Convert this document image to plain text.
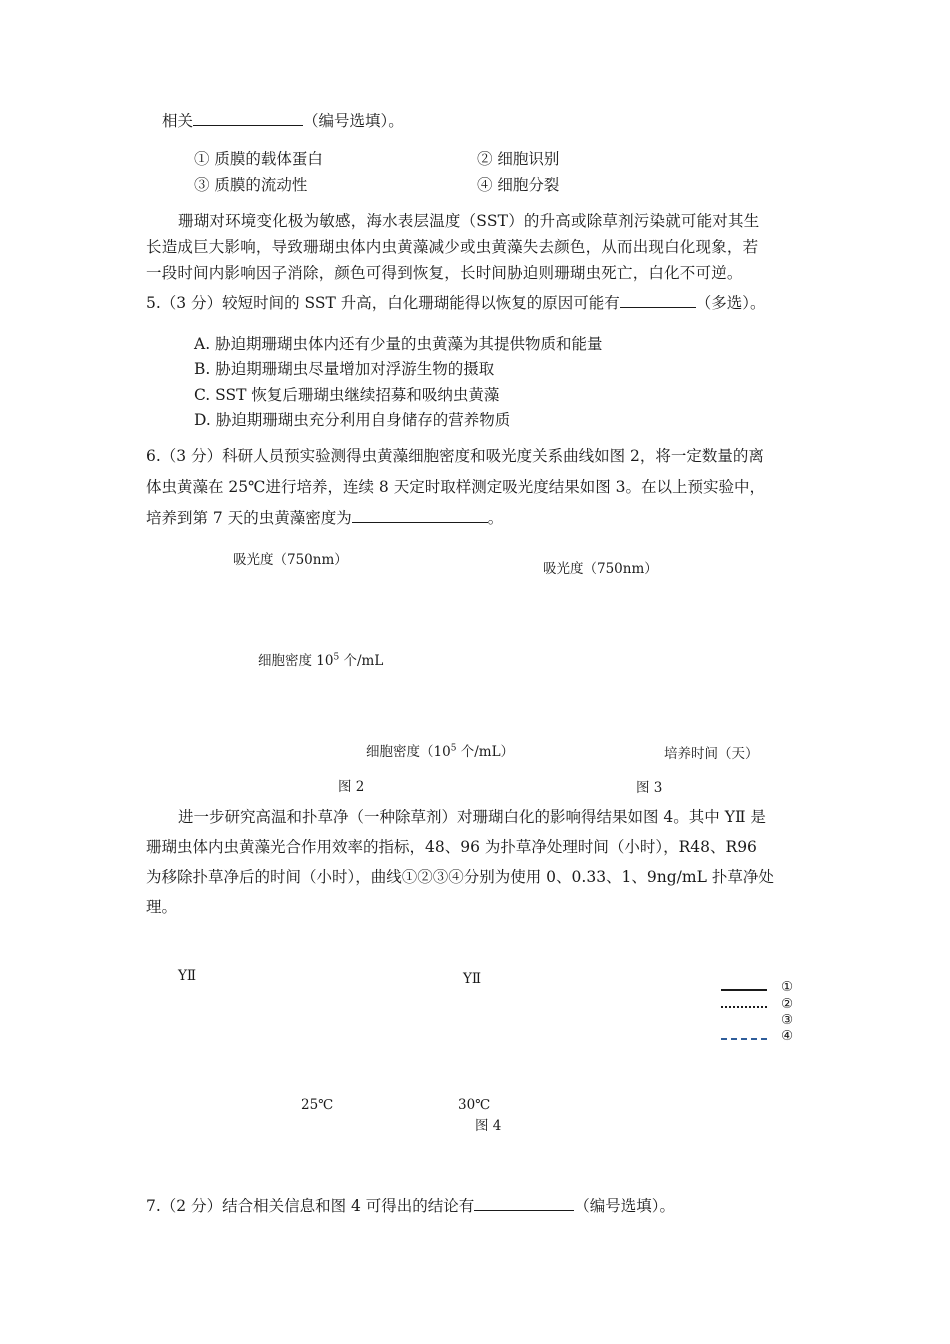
相关	（编号选填）。
① 质膜的载体蛋白	② 细胞识别
③ 质膜的流动性	④ 细胞分裂
珊瑚对环境变化极为敏感，海水表层温度（SST）的升高或除草剂污染就可能对其生
长造成巨大影响，导致珊瑚虫体内虫黄藻减少或虫黄藻失去颜色，从而出现白化现象，若
一段时间内影响因子消除，颜色可得到恢复，长时间胁迫则珊瑚虫死亡，白化不可逆。
5.（3 分）较短时间的 SST 升高，白化珊瑚能得以恢复的原因可能有	（多选）。
A. 胁迫期珊瑚虫体内还有少量的虫黄藻为其提供物质和能量
B. 胁迫期珊瑚虫尽量增加对浮游生物的摄取
C. SST 恢复后珊瑚虫继续招募和吸纳虫黄藻
D. 胁迫期珊瑚虫充分利用自身储存的营养物质
6.（3 分）科研人员预实验测得虫黄藻细胞密度和吸光度关系曲线如图 2，将一定数量的离
体虫黄藻在 25℃进行培养，连续 8 天定时取样测定吸光度结果如图 3。在以上预实验中，
培养到第 7 天的虫黄藻密度为	。
吸光度（750nm）
细胞密度 $10^5$ 个/mL
细胞密度（$10^5$ 个/mL）
图 2
吸光度（750nm）
培养时间（天）
图 3
进一步研究高温和扑草净（一种除草剂）对珊瑚白化的影响得结果如图 4。其中 YⅡ 是
珊瑚虫体内虫黄藻光合作用效率的指标，48、96 为扑草净处理时间（小时），R48、R96
为移除扑草净后的时间（小时），曲线①②③④分别为使用 0、0.33、1、9ng/mL 扑草净处
理。
YⅡ	YⅡ
25℃	30℃
图 4
①
②
③
④
7.（2 分）结合相关信息和图 4 可得出的结论有	（编号选填）。
